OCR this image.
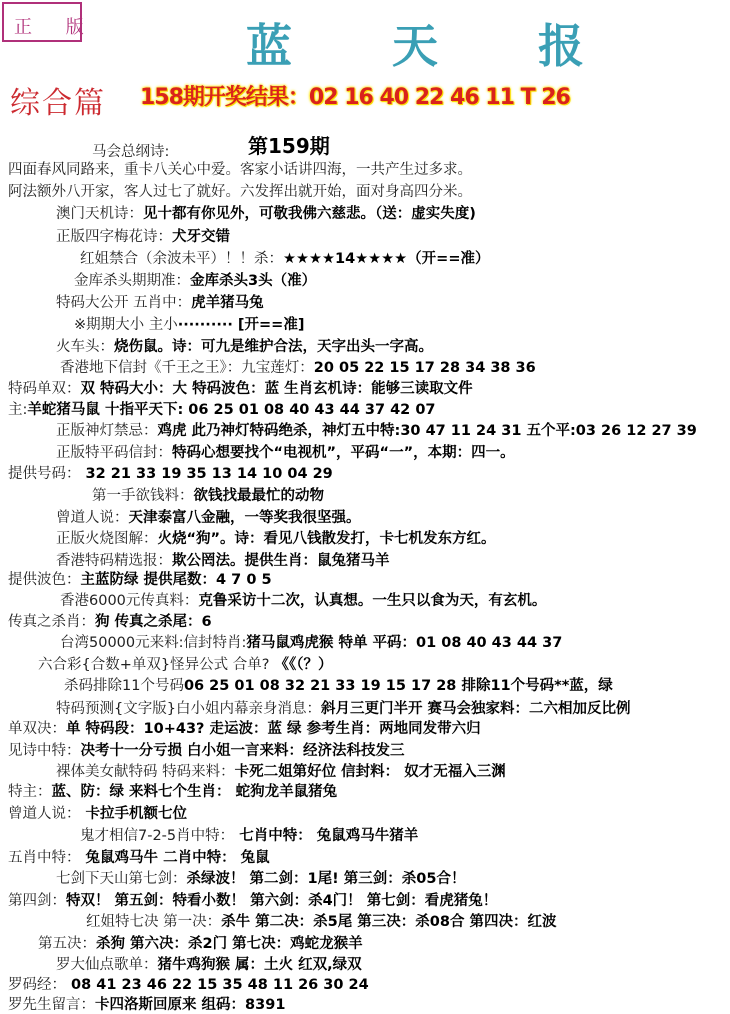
正 版	蓝 天 报
综合篇 158期开奖结果：02 16 40 22 46 11 T 26
第159期
马会总纲诗:
四面春风同路来，重卡八关心中爱。客家小话讲四海，一共产生过多求。
阿法额外八开家，客人过七了就好。六发挥出就开始，面对身高四分米。
澳门天机诗：见十都有你见外，可敬我佛六慈悲。（送：虚实失度)
正版四字梅花诗：犬牙交错
红姐禁合（余波未平）！！杀：★★★★14★★★★（开==准）
金库杀头期期准：金库杀头3头（准）
特码大公开 五肖中：虎羊猪马兔
※期期大小 主小·········· [开==准]
火车头：烧伤鼠。诗：可九是维护合法，天字出头一字高。
香港地下信封《千王之王》：九宝莲灯：20 05 22 15 17 28 34 38 36
特码单双：双 特码大小：大 特码波色：蓝 生肖玄机诗：能够三读取文件
主:羊蛇猪马鼠 十指平天下: 06 25 01 08 40 43 44 37 42 07
正版神灯禁忌：鸡虎 此乃神灯特码绝杀，神灯五中特:30 47 11 24 31 五个平:03 26 12 27 39
正版特平码信封：特码心想要找个“电视机”，平码“一”，本期：四一。
提供号码： 32 21 33 19 35 13 14 10 04 29
第一手欲钱料：欲钱找最最忙的动物
曾道人说：天津泰富八金融，一等奖我很坚强。
正版火烧图解：火烧“狗”。诗：看见八钱散发打，卡七机发东方红。
香港特码精选报：欺公罔法。提供生肖：鼠兔猪马羊
提供波色：主蓝防绿 提供尾数：4 7 0 5
香港6000元传真料：克鲁采访十二次，认真想。一生只以食为天，有玄机。
传真之杀肖：狗 传真之杀尾：6
台湾50000元来料:信封特肖:猪马鼠鸡虎猴 特单 平码：01 08 40 43 44 37
六合彩{合数+单双}怪异公式 合单? 《《（？）
杀码排除11个号码06 25 01 08 32 21 33 19 15 17 28 排除11个号码**蓝，绿
特码预测{文字版}白小姐内幕亲身消息：斜月三更门半开 赛马会独家料：二六相加反比例
单双决：单 特码段：10+43? 走运波：蓝 绿 参考生肖：两地同发带六归
见诗中特：决考十一分亏损 白小姐一言来料：经济法科技发三
裸体美女献特码 特码来料：卡死二姐第好位 信封料： 奴才无福入三渊
特主：蓝、防：绿 来料七个生肖： 蛇狗龙羊鼠猪兔
曾道人说： 卡拉手机额七位
鬼才相信7-2-5肖中特： 七肖中特： 兔鼠鸡马牛猪羊
五肖中特： 兔鼠鸡马牛 二肖中特： 兔鼠
七剑下天山第七剑：杀绿波！ 第二剑：1尾! 第三剑：杀05合！
第四剑：特双！ 第五剑：特看小数！ 第六剑：杀4门！ 第七剑：看虎猪兔！
红姐特七决 第一决：杀牛 第二决：杀5尾 第三决：杀08合 第四决：红波
第五决：杀狗 第六决：杀2门 第七决：鸡蛇龙猴羊
罗大仙点歌单：猪牛鸡狗猴 属：土火 红双,绿双
罗码经： 08 41 23 46 22 15 35 48 11 26 30 24
罗先生留言：卡四洛斯回原来 组码：8391
